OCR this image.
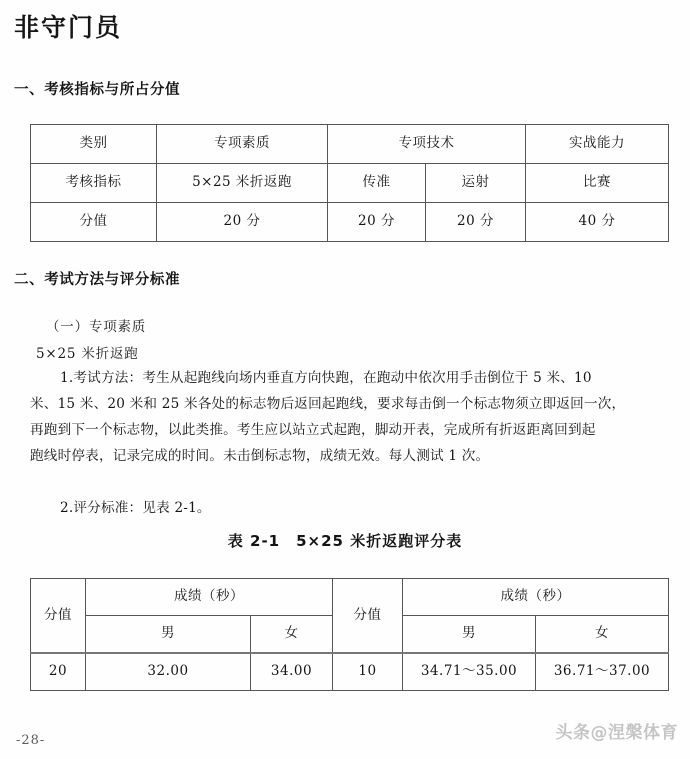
非守门员
一、考核指标与所占分值
类别	专项素质	专项技术		实战能力
考核指标	5×25 米折返跑	传准	运射	比赛
分值	20 分	20 分	20 分	40 分
二、考试方法与评分标准
（一）专项素质
5×25 米折返跑
1.考试方法：考生从起跑线向场内垂直方向快跑，在跑动中依次用手击倒位于 5 米、10
米、15 米、20 米和 25 米各处的标志物后返回起跑线，要求每击倒一个标志物须立即返回一次，
再跑到下一个标志物，以此类推。考生应以站立式起跑，脚动开表，完成所有折返距离回到起
跑线时停表，记录完成的时间。未击倒标志物，成绩无效。每人测试 1 次。
2.评分标准：见表 2-1。
表 2-1　5×25 米折返跑评分表
分值	成绩（秒）		分值	成绩（秒）	
	男	女		男	女
20	32.00	34.00	10	34.71～35.00	36.71～37.00
-28-	头条@涅槃体育
